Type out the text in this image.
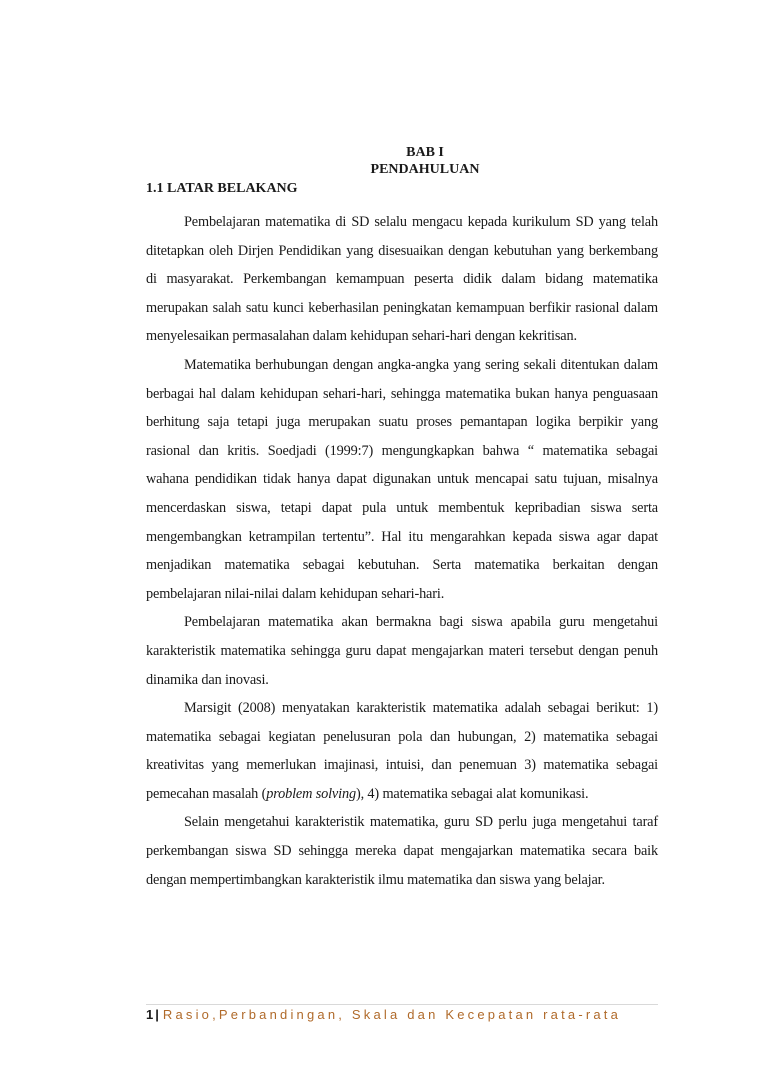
BAB I
PENDAHULUAN
1.1 LATAR BELAKANG

Pembelajaran matematika di SD selalu mengacu kepada kurikulum SD yang telah ditetapkan oleh Dirjen Pendidikan yang disesuaikan dengan kebutuhan yang berkembang di masyarakat. Perkembangan kemampuan peserta didik dalam bidang matematika merupakan salah satu kunci keberhasilan peningkatan kemampuan berfikir rasional dalam menyelesaikan permasalahan dalam kehidupan sehari-hari dengan kekritisan.

Matematika berhubungan dengan angka-angka yang sering sekali ditentukan dalam berbagai hal dalam kehidupan sehari-hari, sehingga matematika bukan hanya penguasaan berhitung saja tetapi juga merupakan suatu proses pemantapan logika berpikir yang rasional dan kritis. Soedjadi (1999:7) mengungkapkan bahwa “ matematika sebagai wahana pendidikan tidak hanya dapat digunakan untuk mencapai satu tujuan, misalnya mencerdaskan siswa, tetapi dapat pula untuk membentuk kepribadian siswa serta mengembangkan ketrampilan tertentu”. Hal itu mengarahkan kepada siswa agar dapat menjadikan matematika sebagai kebutuhan. Serta matematika berkaitan dengan pembelajaran nilai-nilai dalam kehidupan sehari-hari.

Pembelajaran matematika akan bermakna bagi siswa apabila guru mengetahui karakteristik matematika sehingga guru dapat mengajarkan materi tersebut dengan penuh dinamika dan inovasi.

Marsigit (2008) menyatakan karakteristik matematika adalah sebagai berikut: 1) matematika sebagai kegiatan penelusuran pola dan hubungan, 2) matematika sebagai kreativitas yang memerlukan imajinasi, intuisi, dan penemuan 3) matematika sebagai pemecahan masalah (problem solving), 4) matematika sebagai alat komunikasi.

Selain mengetahui karakteristik matematika, guru SD perlu juga mengetahui taraf perkembangan siswa SD sehingga mereka dapat mengajarkan matematika secara baik dengan mempertimbangkan karakteristik ilmu matematika dan siswa yang belajar.

1 | Rasio,Perbandingan, Skala dan Kecepatan rata-rata
